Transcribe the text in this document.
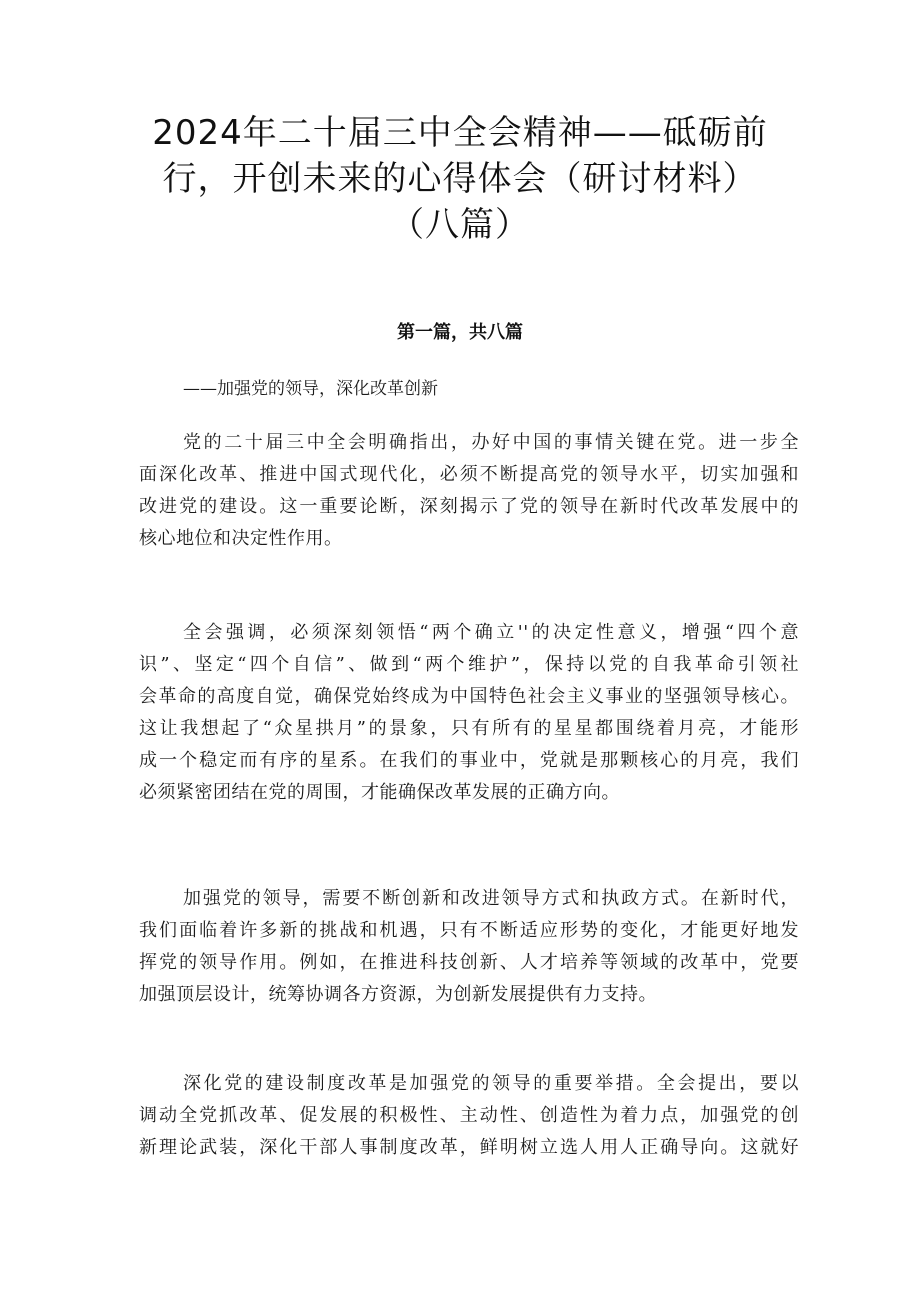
2024年二十届三中全会精神——砥砺前
行，开创未来的心得体会（研讨材料）
（八篇）
第一篇，共八篇

——加强党的领导，深化改革创新

党的二十届三中全会明确指出，办好中国的事情关键在党。进一步全
面深化改革、推进中国式现代化，必须不断提高党的领导水平，切实加强和
改进党的建设。这一重要论断，深刻揭示了党的领导在新时代改革发展中的
核心地位和决定性作用。

全会强调，必须深刻领悟“两个确立''的决定性意义，增强“四个意
识”、坚定“四个自信”、做到“两个维护”，保持以党的自我革命引领社
会革命的高度自觉，确保党始终成为中国特色社会主义事业的坚强领导核心。
这让我想起了“众星拱月”的景象，只有所有的星星都围绕着月亮，才能形
成一个稳定而有序的星系。在我们的事业中，党就是那颗核心的月亮，我们
必须紧密团结在党的周围，才能确保改革发展的正确方向。

加强党的领导，需要不断创新和改进领导方式和执政方式。在新时代，
我们面临着许多新的挑战和机遇，只有不断适应形势的变化，才能更好地发
挥党的领导作用。例如，在推进科技创新、人才培养等领域的改革中，党要
加强顶层设计，统筹协调各方资源，为创新发展提供有力支持。

深化党的建设制度改革是加强党的领导的重要举措。全会提出，要以
调动全党抓改革、促发展的积极性、主动性、创造性为着力点，加强党的创
新理论武装，深化干部人事制度改革，鲜明树立选人用人正确导向。这就好
